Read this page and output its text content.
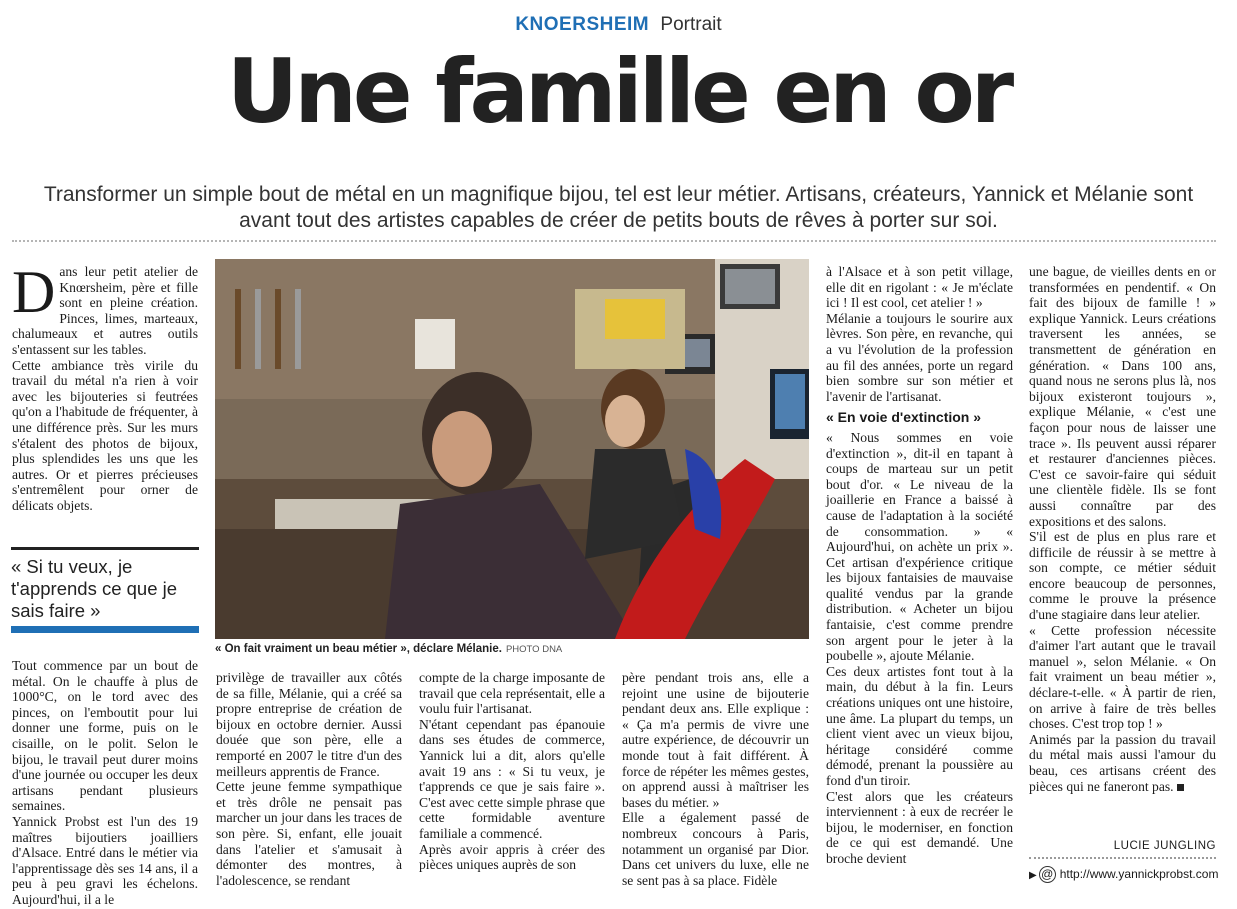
KNOERSHEIM Portrait
Une famille en or
Transformer un simple bout de métal en un magnifique bijou, tel est leur métier. Artisans, créateurs, Yannick et Mélanie sont avant tout des artistes capables de créer de petits bouts de rêves à porter sur soi.

Dans leur petit atelier de Knœrsheim, père et fille sont en pleine création. Pinces, limes, marteaux, chalumeaux et autres outils s'entassent sur les tables.

Cette ambiance très virile du travail du métal n'a rien à voir avec les bijouteries si feutrées qu'on a l'habitude de fréquenter, à une différence près. Sur les murs s'étalent des photos de bijoux, plus splendides les uns que les autres. Or et pierres précieuses s'entremêlent pour orner de délicats objets.

« Si tu veux, je t'apprends ce que je sais faire »
« On fait vraiment un beau métier », déclare Mélanie. PHOTO DNA

Tout commence par un bout de métal. On le chauffe à plus de 1000°C, on le tord avec des pinces, on l'emboutit pour lui donner une forme, puis on le cisaille, on le polit. Selon le bijou, le travail peut durer moins d'une journée ou occuper les deux artisans pendant plusieurs semaines.

Yannick Probst est l'un des 19 maîtres bijoutiers joailliers d'Alsace. Entré dans le métier via l'apprentissage dès ses 14 ans, il a peu à peu gravi les échelons. Aujourd'hui, il a le

privilège de travailler aux côtés de sa fille, Mélanie, qui a créé sa propre entreprise de création de bijoux en octobre dernier. Aussi douée que son père, elle a remporté en 2007 le titre d'un des meilleurs apprentis de France.

Cette jeune femme sympathique et très drôle ne pensait pas marcher un jour dans les traces de son père. Si, enfant, elle jouait dans l'atelier et s'amusait à démonter des montres, à l'adolescence, se rendant

compte de la charge imposante de travail que cela représentait, elle a voulu fuir l'artisanat.

N'étant cependant pas épanouie dans ses études de commerce, Yannick lui a dit, alors qu'elle avait 19 ans : « Si tu veux, je t'apprends ce que je sais faire ». C'est avec cette simple phrase que cette formidable aventure familiale a commencé.

Après avoir appris à créer des pièces uniques auprès de son

père pendant trois ans, elle a rejoint une usine de bijouterie pendant deux ans. Elle explique : « Ça m'a permis de vivre une autre expérience, de découvrir un monde tout à fait différent. À force de répéter les mêmes gestes, on apprend aussi à maîtriser les bases du métier. »

Elle a également passé de nombreux concours à Paris, notamment un organisé par Dior. Dans cet univers du luxe, elle ne se sent pas à sa place. Fidèle

à l'Alsace et à son petit village, elle dit en rigolant : « Je m'éclate ici ! Il est cool, cet atelier ! »

Mélanie a toujours le sourire aux lèvres. Son père, en revanche, qui a vu l'évolution de la profession au fil des années, porte un regard bien sombre sur son métier et l'avenir de l'artisanat.

« En voie d'extinction »

« Nous sommes en voie d'extinction », dit-il en tapant à coups de marteau sur un petit bout d'or. « Le niveau de la joaillerie en France a baissé à cause de l'adaptation à la société de consommation. » « Aujourd'hui, on achète un prix ». Cet artisan d'expérience critique les bijoux fantaisies de mauvaise qualité vendus par la grande distribution. « Acheter un bijou fantaisie, c'est comme prendre son argent pour le jeter à la poubelle », ajoute Mélanie.

Ces deux artistes font tout à la main, du début à la fin. Leurs créations uniques ont une histoire, une âme. La plupart du temps, un client vient avec un vieux bijou, héritage considéré comme démodé, prenant la poussière au fond d'un tiroir.

C'est alors que les créateurs interviennent : à eux de recréer le bijou, le moderniser, en fonction de ce qui est demandé. Une broche devient

une bague, de vieilles dents en or transformées en pendentif. « On fait des bijoux de famille ! » explique Yannick. Leurs créations traversent les années, se transmettent de génération en génération. « Dans 100 ans, quand nous ne serons plus là, nos bijoux existeront toujours », explique Mélanie, « c'est une façon pour nous de laisser une trace ». Ils peuvent aussi réparer et restaurer d'anciennes pièces. C'est ce savoir-faire qui séduit une clientèle fidèle. Ils se font aussi connaître par des expositions et des salons.

S'il est de plus en plus rare et difficile de réussir à se mettre à son compte, ce métier séduit encore beaucoup de personnes, comme le prouve la présence d'une stagiaire dans leur atelier.

« Cette profession nécessite d'aimer l'art autant que le travail manuel », selon Mélanie. « On fait vraiment un beau métier », déclare-t-elle. « À partir de rien, on arrive à faire de très belles choses. C'est trop top ! »

Animés par la passion du travail du métal mais aussi l'amour du beau, ces artisans créent des pièces qui ne faneront pas.

LUCIE JUNGLING
▶ @ http://www.yannickprobst.com
